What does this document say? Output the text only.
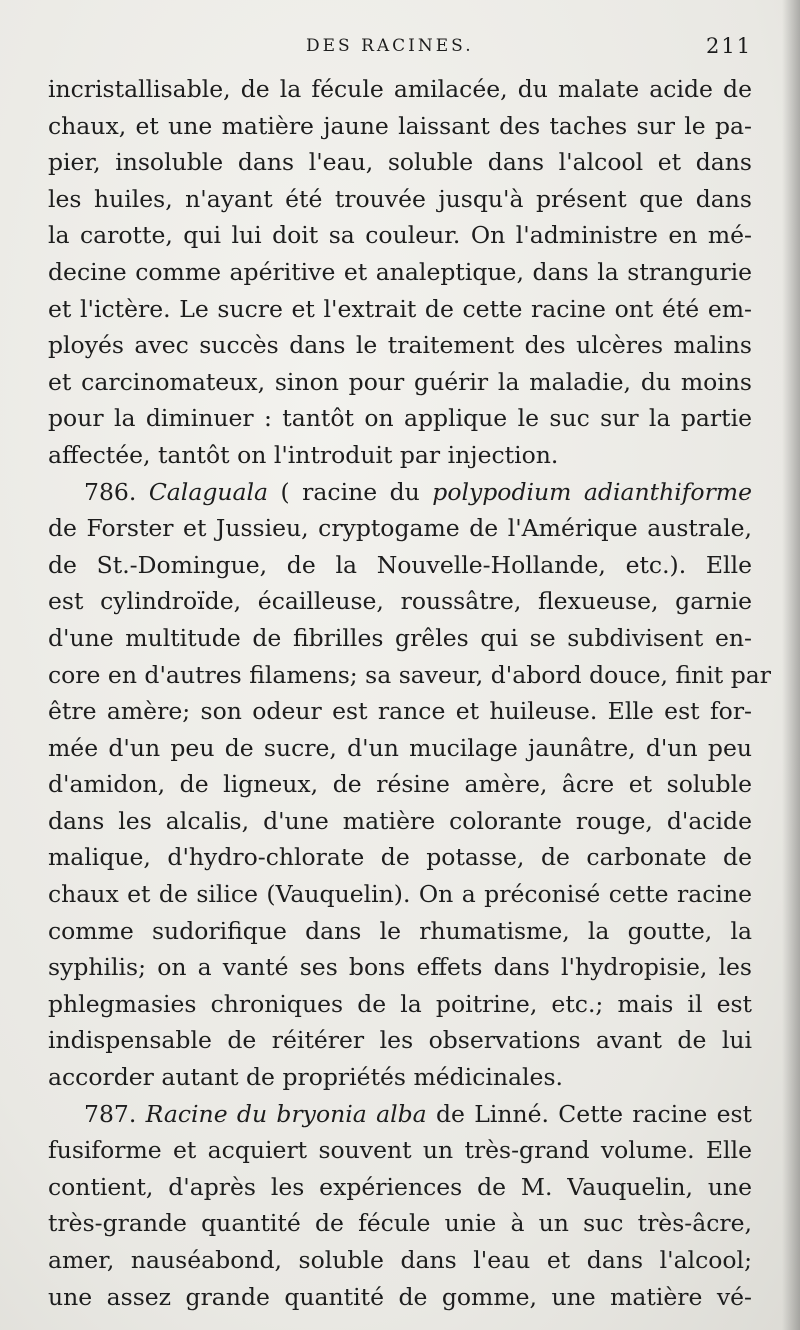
DES RACINES.	211
incristallisable, de la fécule amilacée, du malate acide de
chaux, et une matière jaune laissant des taches sur le pa-
pier, insoluble dans l'eau, soluble dans l'alcool et dans
les huiles, n'ayant été trouvée jusqu'à présent que dans
la carotte, qui lui doit sa couleur. On l'administre en mé-
decine comme apéritive et analeptique, dans la strangurie
et l'ictère. Le sucre et l'extrait de cette racine ont été em-
ployés avec succès dans le traitement des ulcères malins
et carcinomateux, sinon pour guérir la maladie, du moins
pour la diminuer : tantôt on applique le suc sur la partie
affectée, tantôt on l'introduit par injection.
786. Calaguala ( racine du polypodium adianthiforme
de Forster et Jussieu, cryptogame de l'Amérique australe,
de St.-Domingue, de la Nouvelle-Hollande, etc.). Elle
est cylindroïde, écailleuse, roussâtre, flexueuse, garnie
d'une multitude de fibrilles grêles qui se subdivisent en-
core en d'autres filamens; sa saveur, d'abord douce, finit par
être amère; son odeur est rance et huileuse. Elle est for-
mée d'un peu de sucre, d'un mucilage jaunâtre, d'un peu
d'amidon, de ligneux, de résine amère, âcre et soluble
dans les alcalis, d'une matière colorante rouge, d'acide
malique, d'hydro-chlorate de potasse, de carbonate de
chaux et de silice (Vauquelin). On a préconisé cette racine
comme sudorifique dans le rhumatisme, la goutte, la
syphilis; on a vanté ses bons effets dans l'hydropisie, les
phlegmasies chroniques de la poitrine, etc.; mais il est
indispensable de réitérer les observations avant de lui
accorder autant de propriétés médicinales.
787. Racine du bryonia alba de Linné. Cette racine est
fusiforme et acquiert souvent un très-grand volume. Elle
contient, d'après les expériences de M. Vauquelin, une
très-grande quantité de fécule unie à un suc très-âcre,
amer, nauséabond, soluble dans l'eau et dans l'alcool;
une assez grande quantité de gomme, une matière vé-
